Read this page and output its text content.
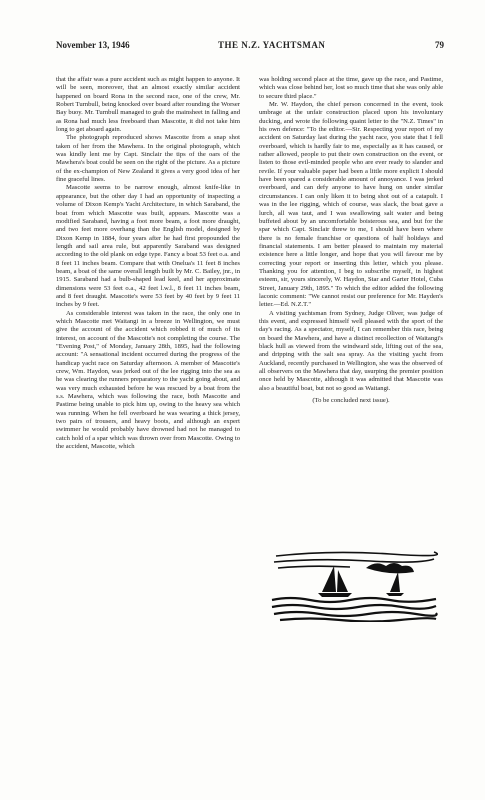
November 13, 1946	THE N.Z. YACHTSMAN	79

that the affair was a pure accident such as might happen to anyone. It will be seen, moreover, that an almost exactly similar accident happened on board Rona in the second race, one of the crew, Mr. Robert Turnbull, being knocked over board after rounding the Worser Bay buoy. Mr. Turnbull managed to grab the mainsheet in falling and as Rona had much less freeboard than Mascotte, it did not take him long to get aboard again.

The photograph reproduced shows Mascotte from a snap shot taken of her from the Mawhera. In the original photograph, which was kindly lent me by Capt. Sinclair the tips of the oars of the Mawhera's boat could be seen on the right of the picture. As a picture of the ex-champion of New Zealand it gives a very good idea of her fine graceful lines.

Mascotte seems to be narrow enough, almost knife-like in appearance, but the other day I had an opportunity of inspecting a volume of Dixon Kemp's Yacht Architecture, in which Saraband, the boat from which Mascotte was built, appears. Mascotte was a modified Saraband, having a foot more beam, a foot more draught, and two feet more overhang than the English model, designed by Dixon Kemp in 1884, four years after he had first propounded the length and sail area rule, but apparently Saraband was designed according to the old plank on edge type. Fancy a boat 53 feet o.a. and 8 feet 11 inches beam. Compare that with Onelua's 11 feet 8 inches beam, a boat of the same overall length built by Mr. C. Bailey, jnr., in 1915. Saraband had a bulb-shaped lead keel, and her approximate dimensions were 53 feet o.a., 42 feet l.w.l., 8 feet 11 inches beam, and 8 feet draught. Mascotte's were 53 feet by 40 feet by 9 feet 11 inches by 9 feet.

As considerable interest was taken in the race, the only one in which Mascotte met Waitangi in a breeze in Wellington, we must give the account of the accident which robbed it of much of its interest, on account of the Mascotte's not completing the course. The "Evening Post," of Monday, January 28th, 1895, had the following account: "A sensational incident occurred during the progress of the handicap yacht race on Saturday afternoon. A member of Mascotte's crew, Wm. Haydon, was jerked out of the lee rigging into the sea as he was clearing the runners preparatory to the yacht going about, and was very much exhausted before he was rescued by a boat from the s.s. Mawhera, which was following the race, both Mascotte and Pastime being unable to pick him up, owing to the heavy sea which was running. When he fell overboard he was wearing a thick jersey, two pairs of trousers, and heavy boots, and although an expert swimmer he would probably have drowned had not he managed to catch hold of a spar which was thrown over from Mascotte. Owing to the accident, Mascotte, which

was holding second place at the time, gave up the race, and Pastime, which was close behind her, lost so much time that she was only able to secure third place."

Mr. W. Haydon, the chief person concerned in the event, took umbrage at the unfair construction placed upon his involuntary ducking, and wrote the following quaint letter to the "N.Z. Times" in his own defence: "To the editor.—Sir. Respecting your report of my accident on Saturday last during the yacht race, you state that I fell overboard, which is hardly fair to me, especially as it has caused, or rather allowed, people to put their own construction on the event, or listen to those evil-minded people who are ever ready to slander and revile. If your valuable paper had been a little more explicit I should have been spared a considerable amount of annoyance. I was jerked overboard, and can defy anyone to have hung on under similar circumstances. I can only liken it to being shot out of a catapult. I was in the lee rigging, which of course, was slack, the boat gave a lurch, all was taut, and I was swallowing salt water and being buffeted about by an uncomfortable boisterous sea, and but for the spar which Capt. Sinclair threw to me, I should have been where there is no female franchise or questions of half holidays and financial statements. I am better pleased to maintain my material existence here a little longer, and hope that you will favour me by correcting your report or inserting this letter, which you please. Thanking you for attention, I beg to subscribe myself, in highest esteem, sir, yours sincerely, W. Haydon, Star and Garter Hotel, Cuba Street, January 29th, 1895." To which the editor added the following laconic comment: "We cannot resist our preference for Mr. Hayden's letter.—Ed. N.Z.T."

A visiting yachtsman from Sydney, Judge Oliver, was judge of this event, and expressed himself well pleased with the sport of the day's racing. As a spectator, myself, I can remember this race, being on board the Mawhera, and have a distinct recollection of Waitangi's black hull as viewed from the windward side, lifting out of the sea, and dripping with the salt sea spray. As the visiting yacht from Auckland, recently purchased in Wellington, she was the observed of all observers on the Mawhera that day, usurping the premier position once held by Mascotte, although it was admitted that Mascotte was also a beautiful boat, but not so good as Waitangi.

(To be concluded next issue).
